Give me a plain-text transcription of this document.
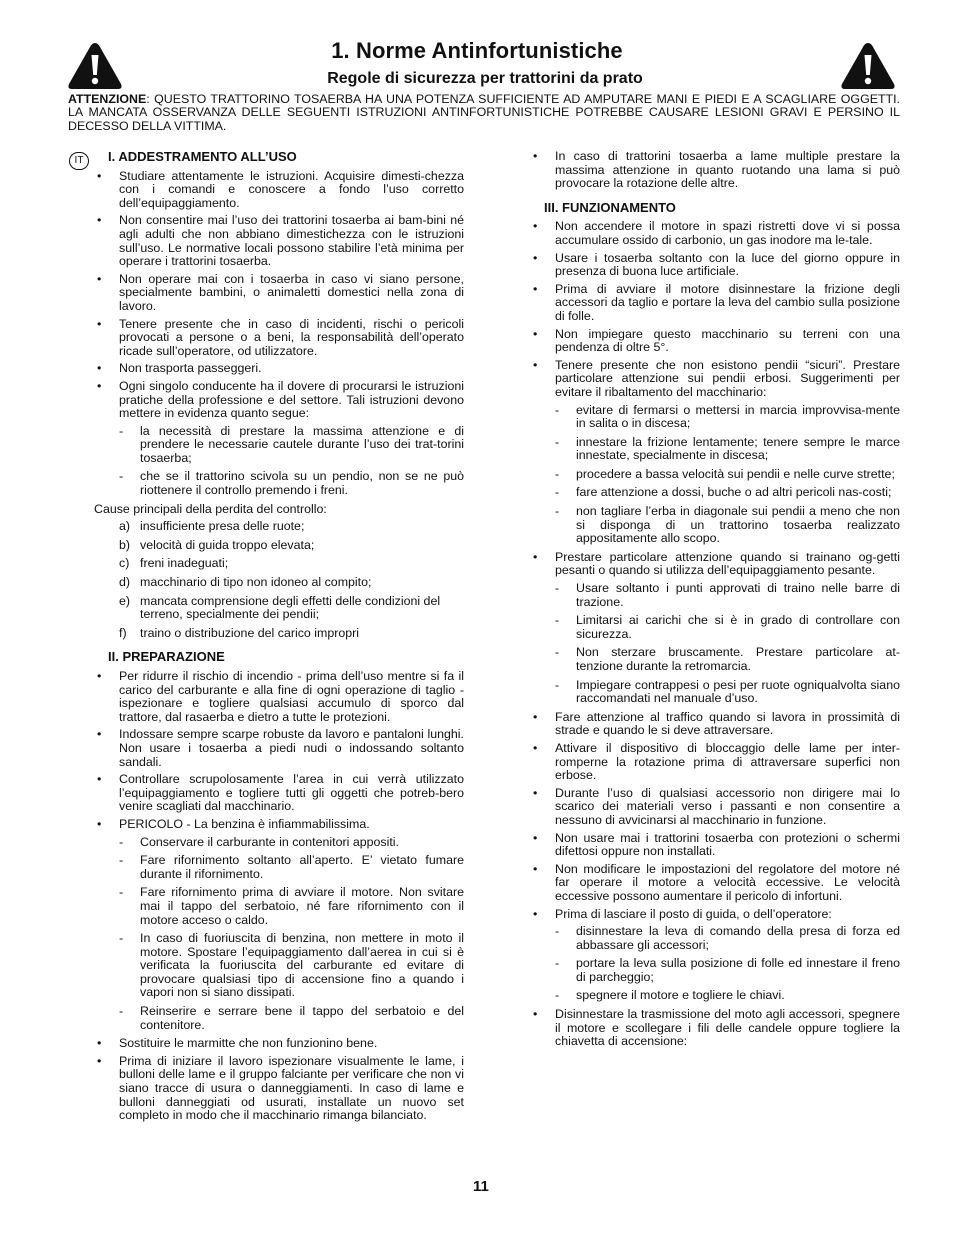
1. Norme Antinfortunistiche
Regole di sicurezza per trattorini da prato
ATTENZIONE: QUESTO TRATTORINO TOSAERBA HA UNA POTENZA SUFFICIENTE AD AMPUTARE MANI E PIEDI E A SCAGLIARE OGGETTI. LA MANCATA OSSERVANZA DELLE SEGUENTI ISTRUZIONI ANTINFORTUNISTICHE POTREBBE CAUSARE LESIONI GRAVI E PERSINO IL DECESSO DELLA VITTIMA.
IT	I. ADDESTRAMENTO ALL’USO
• Studiare attentamente le istruzioni. Acquisire dimesti-chezza con i comandi e conoscere a fondo l’uso corretto dell’equipaggiamento.
• Non consentire mai l’uso dei trattorini tosaerba ai bam-bini né agli adulti che non abbiano dimestichezza con le istruzioni sull’uso. Le normative locali possono stabilire l’età minima per operare i trattorini tosaerba.
• Non operare mai con i tosaerba in caso vi siano persone, specialmente bambini, o animaletti domestici nella zona di lavoro.
• Tenere presente che in caso di incidenti, rischi o pericoli provocati a persone o a beni, la responsabilità dell’operato ricade sull’operatore, od utilizzatore.
• Non trasporta passeggeri.
• Ogni singolo conducente ha il dovere di procurarsi le istruzioni pratiche della professione e del settore. Tali istruzioni devono mettere in evidenza quanto segue:
- la necessità di prestare la massima attenzione e di prendere le necessarie cautele durante l’uso dei trat-torini tosaerba;
- che se il trattorino scivola su un pendio, non se ne può riottenere il controllo premendo i freni.

Cause principali della perdita del controllo:

a) insufficiente presa delle ruote;
b) velocità di guida troppo elevata;
c) freni inadeguati;
d) macchinario di tipo non idoneo al compito;
e) mancata comprensione degli effetti delle condizioni del terreno, specialmente dei pendii;
f) traino o distribuzione del carico impropri
II. PREPARAZIONE
• Per ridurre il rischio di incendio - prima dell’uso mentre si fa il carico del carburante e alla fine di ogni operazione di taglio - ispezionare e togliere qualsiasi accumulo di sporco dal trattore, dal rasaerba e dietro a tutte le protezioni.
• Indossare sempre scarpe robuste da lavoro e pantaloni lunghi. Non usare i tosaerba a piedi nudi o indossando soltanto sandali.
• Controllare scrupolosamente l’area in cui verrà utilizzato l’equipaggiamento e togliere tutti gli oggetti che potreb-bero venire scagliati dal macchinario.
• PERICOLO - La benzina è infiammabilissima.
- Conservare il carburante in contenitori appositi.
- Fare rifornimento soltanto all’aperto. E’ vietato fumare durante il rifornimento.
- Fare rifornimento prima di avviare il motore. Non svitare mai il tappo del serbatoio, né fare rifornimento con il motore acceso o caldo.
- In caso di fuoriuscita di benzina, non mettere in moto il motore. Spostare l’equipaggiamento dall’aerea in cui si è verificata la fuoriuscita del carburante ed evitare di provocare qualsiasi tipo di accensione fino a quando i vapori non si siano dissipati.
- Reinserire e serrare bene il tappo del serbatoio e del contenitore.
• Sostituire le marmitte che non funzionino bene.
• Prima di iniziare il lavoro ispezionare visualmente le lame, i bulloni delle lame e il gruppo falciante per verificare che non vi siano tracce di usura o danneggiamenti. In caso di lame e bulloni danneggiati od usurati, installate un nuovo set completo in modo che il macchinario rimanga bilanciato.
• In caso di trattorini tosaerba a lame multiple prestare la massima attenzione in quanto ruotando una lama si può provocare la rotazione delle altre.
III. FUNZIONAMENTO
• Non accendere il motore in spazi ristretti dove vi si possa accumulare ossido di carbonio, un gas inodore ma le-tale.
• Usare i tosaerba soltanto con la luce del giorno oppure in presenza di buona luce artificiale.
• Prima di avviare il motore disinnestare la frizione degli accessori da taglio e portare la leva del cambio sulla posizione di folle.
• Non impiegare questo macchinario su terreni con una pendenza di oltre 5°.
• Tenere presente che non esistono pendii “sicuri”. Prestare particolare attenzione sui pendii erbosi. Suggerimenti per evitare il ribaltamento del macchinario:
- evitare di fermarsi o mettersi in marcia improvvisa-mente in salita o in discesa;
- innestare la frizione lentamente; tenere sempre le marce innestate, specialmente in discesa;
- procedere a bassa velocità sui pendii e nelle curve strette;
- fare attenzione a dossi, buche o ad altri pericoli nas-costi;
- non tagliare l’erba in diagonale sui pendii a meno che non si disponga di un trattorino tosaerba realizzato appositamente allo scopo.
• Prestare particolare attenzione quando si trainano og-getti pesanti o quando si utilizza dell’equipaggiamento pesante.
- Usare soltanto i punti approvati di traino nelle barre di trazione.
- Limitarsi ai carichi che si è in grado di controllare con sicurezza.
- Non sterzare bruscamente. Prestare particolare at-tenzione durante la retromarcia.
- Impiegare contrappesi o pesi per ruote ogniqualvolta siano raccomandati nel manuale d’uso.
• Fare attenzione al traffico quando si lavora in prossimità di strade e quando le si deve attraversare.
• Attivare il dispositivo di bloccaggio delle lame per inter-romperne la rotazione prima di attraversare superfici non erbose.
• Durante l’uso di qualsiasi accessorio non dirigere mai lo scarico dei materiali verso i passanti e non consentire a nessuno di avvicinarsi al macchinario in funzione.
• Non usare mai i trattorini tosaerba con protezioni o schermi difettosi oppure non installati.
• Non modificare le impostazioni del regolatore del motore né far operare il motore a velocità eccessive. Le velocità eccessive possono aumentare il pericolo di infortuni.
• Prima di lasciare il posto di guida, o dell’operatore:
- disinnestare la leva di comando della presa di forza ed abbassare gli accessori;
- portare la leva sulla posizione di folle ed innestare il freno di parcheggio;
- spegnere il motore e togliere le chiavi.
• Disinnestare la trasmissione del moto agli accessori, spegnere il motore e scollegare i fili delle candele oppure togliere la chiavetta di accensione:
11
